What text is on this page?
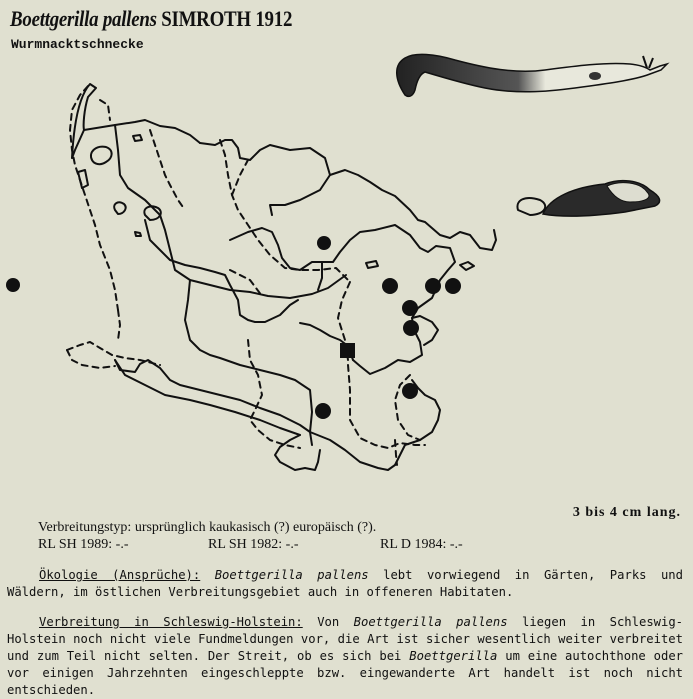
Boettgerilla pallens SIMROTH 1912
Wurmnacktschnecke
3 bis 4 cm lang.
Verbreitungstyp: ursprünglich kaukasisch (?) europäisch (?).
RL SH 1989: -.-	RL SH 1982: -.-	RL D 1984: -.-
Ökologie (Ansprüche): Boettgerilla pallens lebt vorwiegend in Gärten, Parks und Wäldern, im östlichen Verbreitungsgebiet auch in offeneren Habitaten.
Verbreitung in Schleswig-Holstein: Von Boettgerilla pallens liegen in Schleswig-Holstein noch nicht viele Fundmeldungen vor, die Art ist sicher wesentlich weiter verbreitet und zum Teil nicht selten. Der Streit, ob es sich bei Boettgerilla um eine autochthone oder vor einigen Jahrzehnten eingeschleppte bzw. eingewanderte Art handelt ist noch nicht entschieden.
